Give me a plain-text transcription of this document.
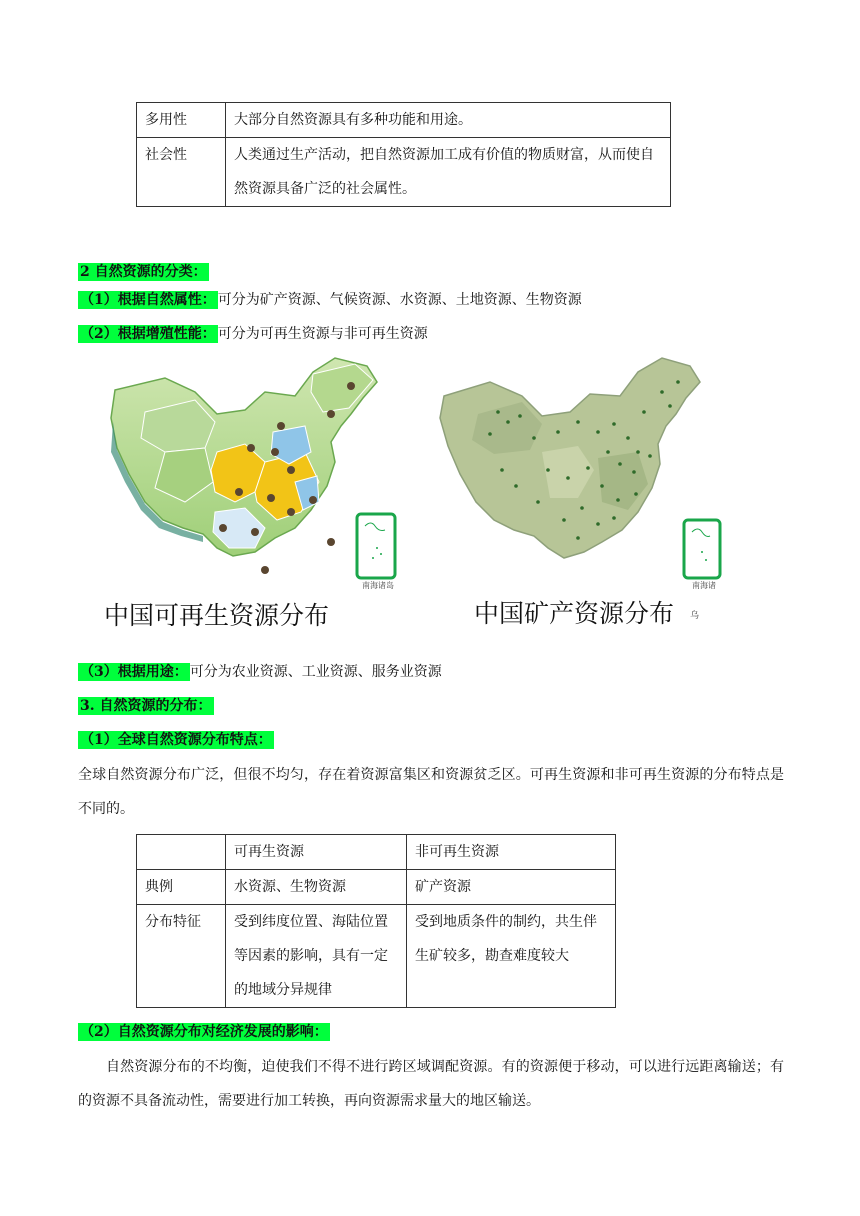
多用性	大部分自然资源具有多种功能和用途。
社会性	人类通过生产活动，把自然资源加工成有价值的物质财富，从而使自然资源具备广泛的社会属性。
2 自然资源的分类：
（1）根据自然属性： 可分为矿产资源、气候资源、水资源、土地资源、生物资源
（2）根据增殖性能： 可分为可再生资源与非可再生资源
南海诸岛	南海诸
中国可再生资源分布	中国矿产资源分布 乌
（3）根据用途： 可分为农业资源、工业资源、服务业资源
3. 自然资源的分布：
（1）全球自然资源分布特点：
全球自然资源分布广泛，但很不均匀，存在着资源富集区和资源贫乏区。可再生资源和非可再生资源的分布特点是不同的。
	可再生资源	非可再生资源
典例	水资源、生物资源	矿产资源
分布特征	受到纬度位置、海陆位置等因素的影响，具有一定的地域分异规律	受到地质条件的制约，共生伴生矿较多，勘查难度较大
（2）自然资源分布对经济发展的影响：
自然资源分布的不均衡，迫使我们不得不进行跨区域调配资源。有的资源便于移动，可以进行远距离输送；有的资源不具备流动性，需要进行加工转换，再向资源需求量大的地区输送。
